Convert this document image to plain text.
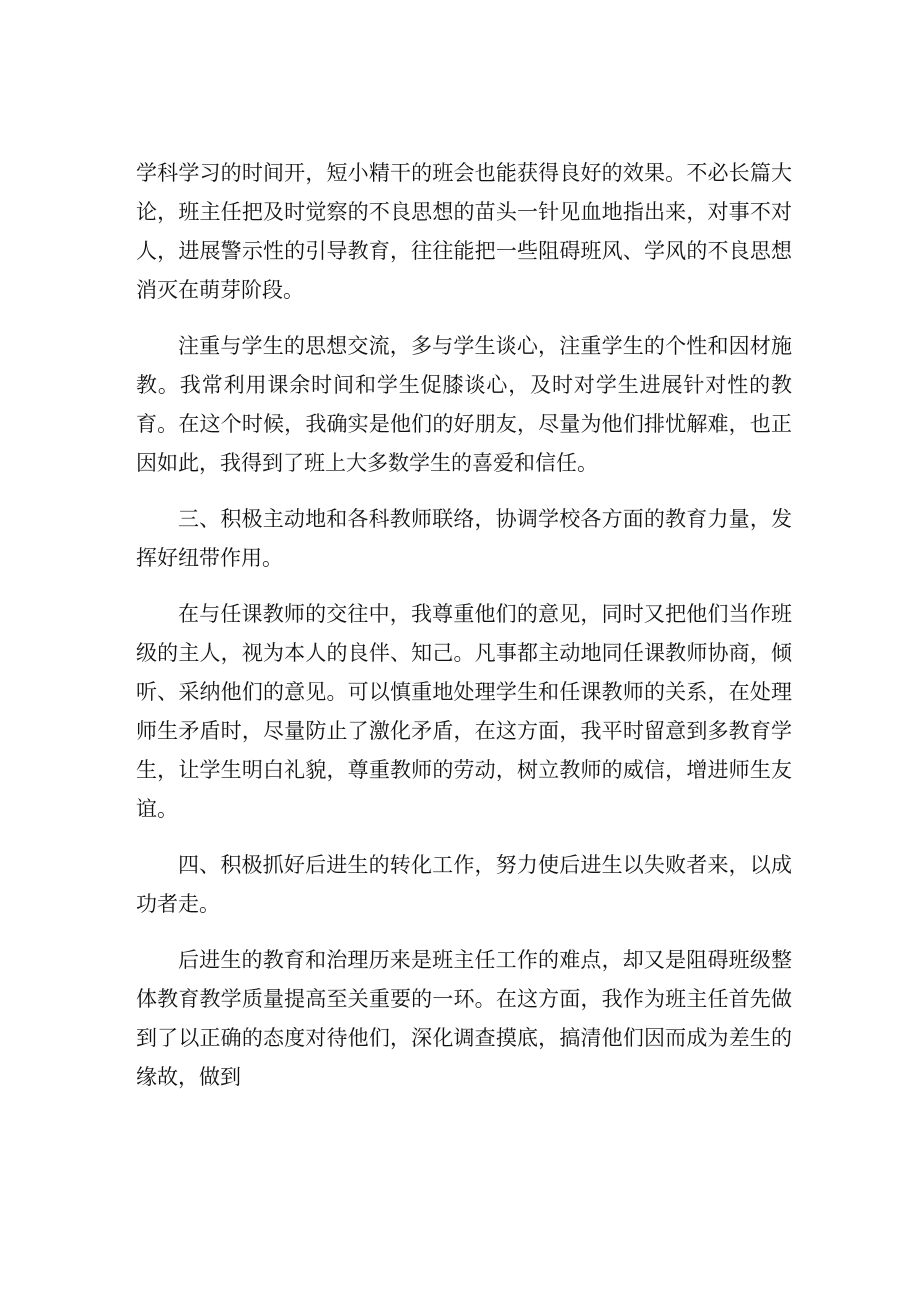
学科学习的时间开，短小精干的班会也能获得良好的效果。不必长篇大论，班主任把及时觉察的不良思想的苗头一针见血地指出来，对事不对人，进展警示性的引导教育，往往能把一些阻碍班风、学风的不良思想消灭在萌芽阶段。

注重与学生的思想交流，多与学生谈心，注重学生的个性和因材施教。我常利用课余时间和学生促膝谈心，及时对学生进展针对性的教育。在这个时候，我确实是他们的好朋友，尽量为他们排忧解难，也正因如此，我得到了班上大多数学生的喜爱和信任。

三、积极主动地和各科教师联络，协调学校各方面的教育力量，发挥好纽带作用。

在与任课教师的交往中，我尊重他们的意见，同时又把他们当作班级的主人，视为本人的良伴、知己。凡事都主动地同任课教师协商，倾听、采纳他们的意见。可以慎重地处理学生和任课教师的关系，在处理师生矛盾时，尽量防止了激化矛盾，在这方面，我平时留意到多教育学生，让学生明白礼貌，尊重教师的劳动，树立教师的威信，增进师生友谊。

四、积极抓好后进生的转化工作，努力使后进生以失败者来，以成功者走。

后进生的教育和治理历来是班主任工作的难点，却又是阻碍班级整体教育教学质量提高至关重要的一环。在这方面，我作为班主任首先做到了以正确的态度对待他们，深化调查摸底，搞清他们因而成为差生的缘故，做到
